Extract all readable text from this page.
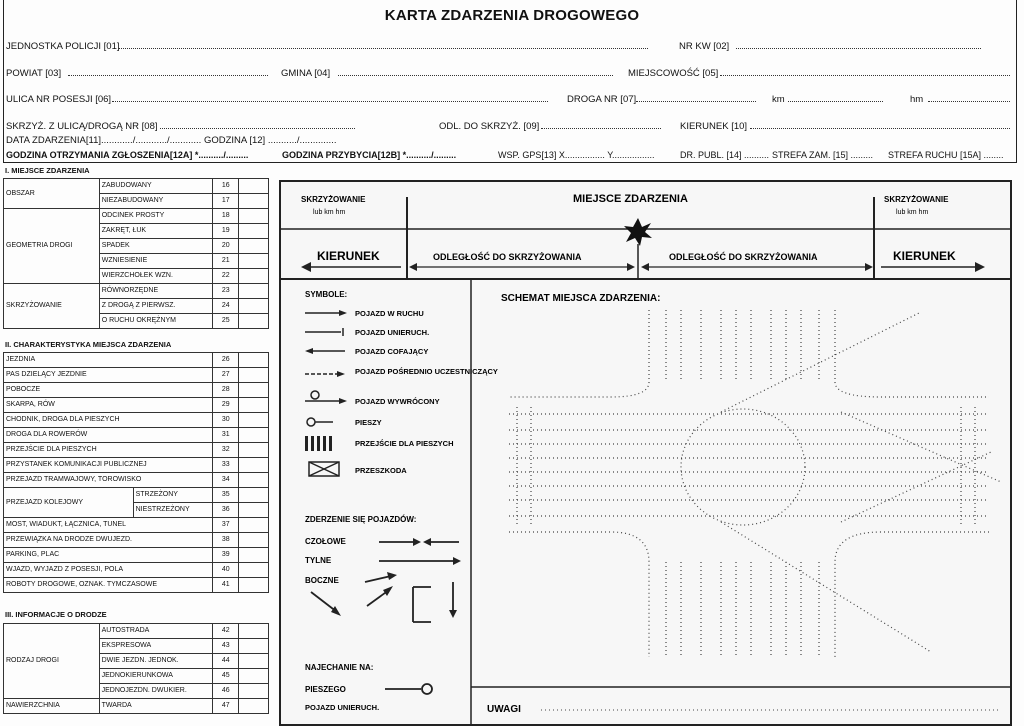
KARTA ZDARZENIA DROGOWEGO
JEDNOSTKA POLICJI [01]	NR KW [02]
POWIAT [03]	GMINA [04]	MIEJSCOWOŚĆ [05]
ULICA NR POSESJI [06]	DROGA NR [07]	km	hm
SKRZYŻ. Z ULICĄ/DROGĄ NR [08]	ODL. DO SKRZYŻ. [09]	KIERUNEK [10]
DATA ZDARZENIA[11]............/............/............ GODZINA [12] .........../..............
GODZINA OTRZYMANIA ZGŁOSZENIA[12A] *........../.........	GODZINA PRZYBYCIA[12B] *........../.........	WSP. GPS[13] X................ Y.................	DR. PUBL. [14] .......... STREFA ZAM. [15] ......... STREFA RUCHU [15A] ........
I. MIEJSCE ZDARZENIA
OBSZAR	ZABUDOWANY	16	
	NIEZABUDOWANY	17	
GEOMETRIA DROGI	ODCINEK PROSTY	18	
	ZAKRĘT, ŁUK	19	
	SPADEK	20	
	WZNIESIENIE	21	
	WIERZCHOŁEK WZN.	22	
SKRZYŻOWANIE	RÓWNORZĘDNE	23	
	Z DROGĄ Z PIERWSZ.	24	
	O RUCHU OKRĘŻNYM	25	
II. CHARAKTERYSTYKA MIEJSCA ZDARZENIA
JEZDNIA		26	
PAS DZIELĄCY JEZDNIE		27	
POBOCZE		28	
SKARPA, RÓW		29	
CHODNIK, DROGA DLA PIESZYCH		30	
DROGA DLA ROWERÓW		31	
PRZEJŚCIE DLA PIESZYCH		32	
PRZYSTANEK KOMUNIKACJI PUBLICZNEJ		33	
PRZEJAZD TRAMWAJOWY, TOROWISKO		34	
PRZEJAZD KOLEJOWY	STRZEŻONY	35	
	NIESTRZEŻONY	36	
MOST, WIADUKT, ŁĄCZNICA, TUNEL		37	
PRZEWIĄZKA NA DRODZE DWUJEZD.		38	
PARKING, PLAC		39	
WJAZD, WYJAZD Z POSESJI, POLA		40	
ROBOTY DROGOWE, OZNAK. TYMCZASOWE		41	
III. INFORMACJE O DRODZE
RODZAJ DROGI	AUTOSTRADA	42	
	EKSPRESOWA	43	
	DWIE JEZDN. JEDNOK.	44	
	JEDNOKIERUNKOWA	45	
	JEDNOJEZDN. DWUKIER.	46	
NAWIERZCHNIA	TWARDA	47	
SKRZYŻOWANIE
lub km hm
MIEJSCE ZDARZENIA	SKRZYŻOWANIE
lub km hm
KIERUNEK	ODLEGŁOŚĆ DO SKRZYŻOWANIA	ODLEGŁOŚĆ DO SKRZYŻOWANIA	KIERUNEK
SYMBOLE:
POJAZD W RUCHU
POJAZD UNIERUCH.
POJAZD COFAJĄCY
POJAZD POŚREDNIO UCZESTNICZĄCY
POJAZD WYWRÓCONY
PIESZY
PRZEJŚCIE DLA PIESZYCH
PRZESZKODA
ZDERZENIE SIĘ POJAZDÓW:
CZOŁOWE
TYLNE
BOCZNE
NAJECHANIE NA:
PIESZEGO
POJAZD UNIERUCH.
SCHEMAT MIEJSCA ZDARZENIA:
UWAGI
